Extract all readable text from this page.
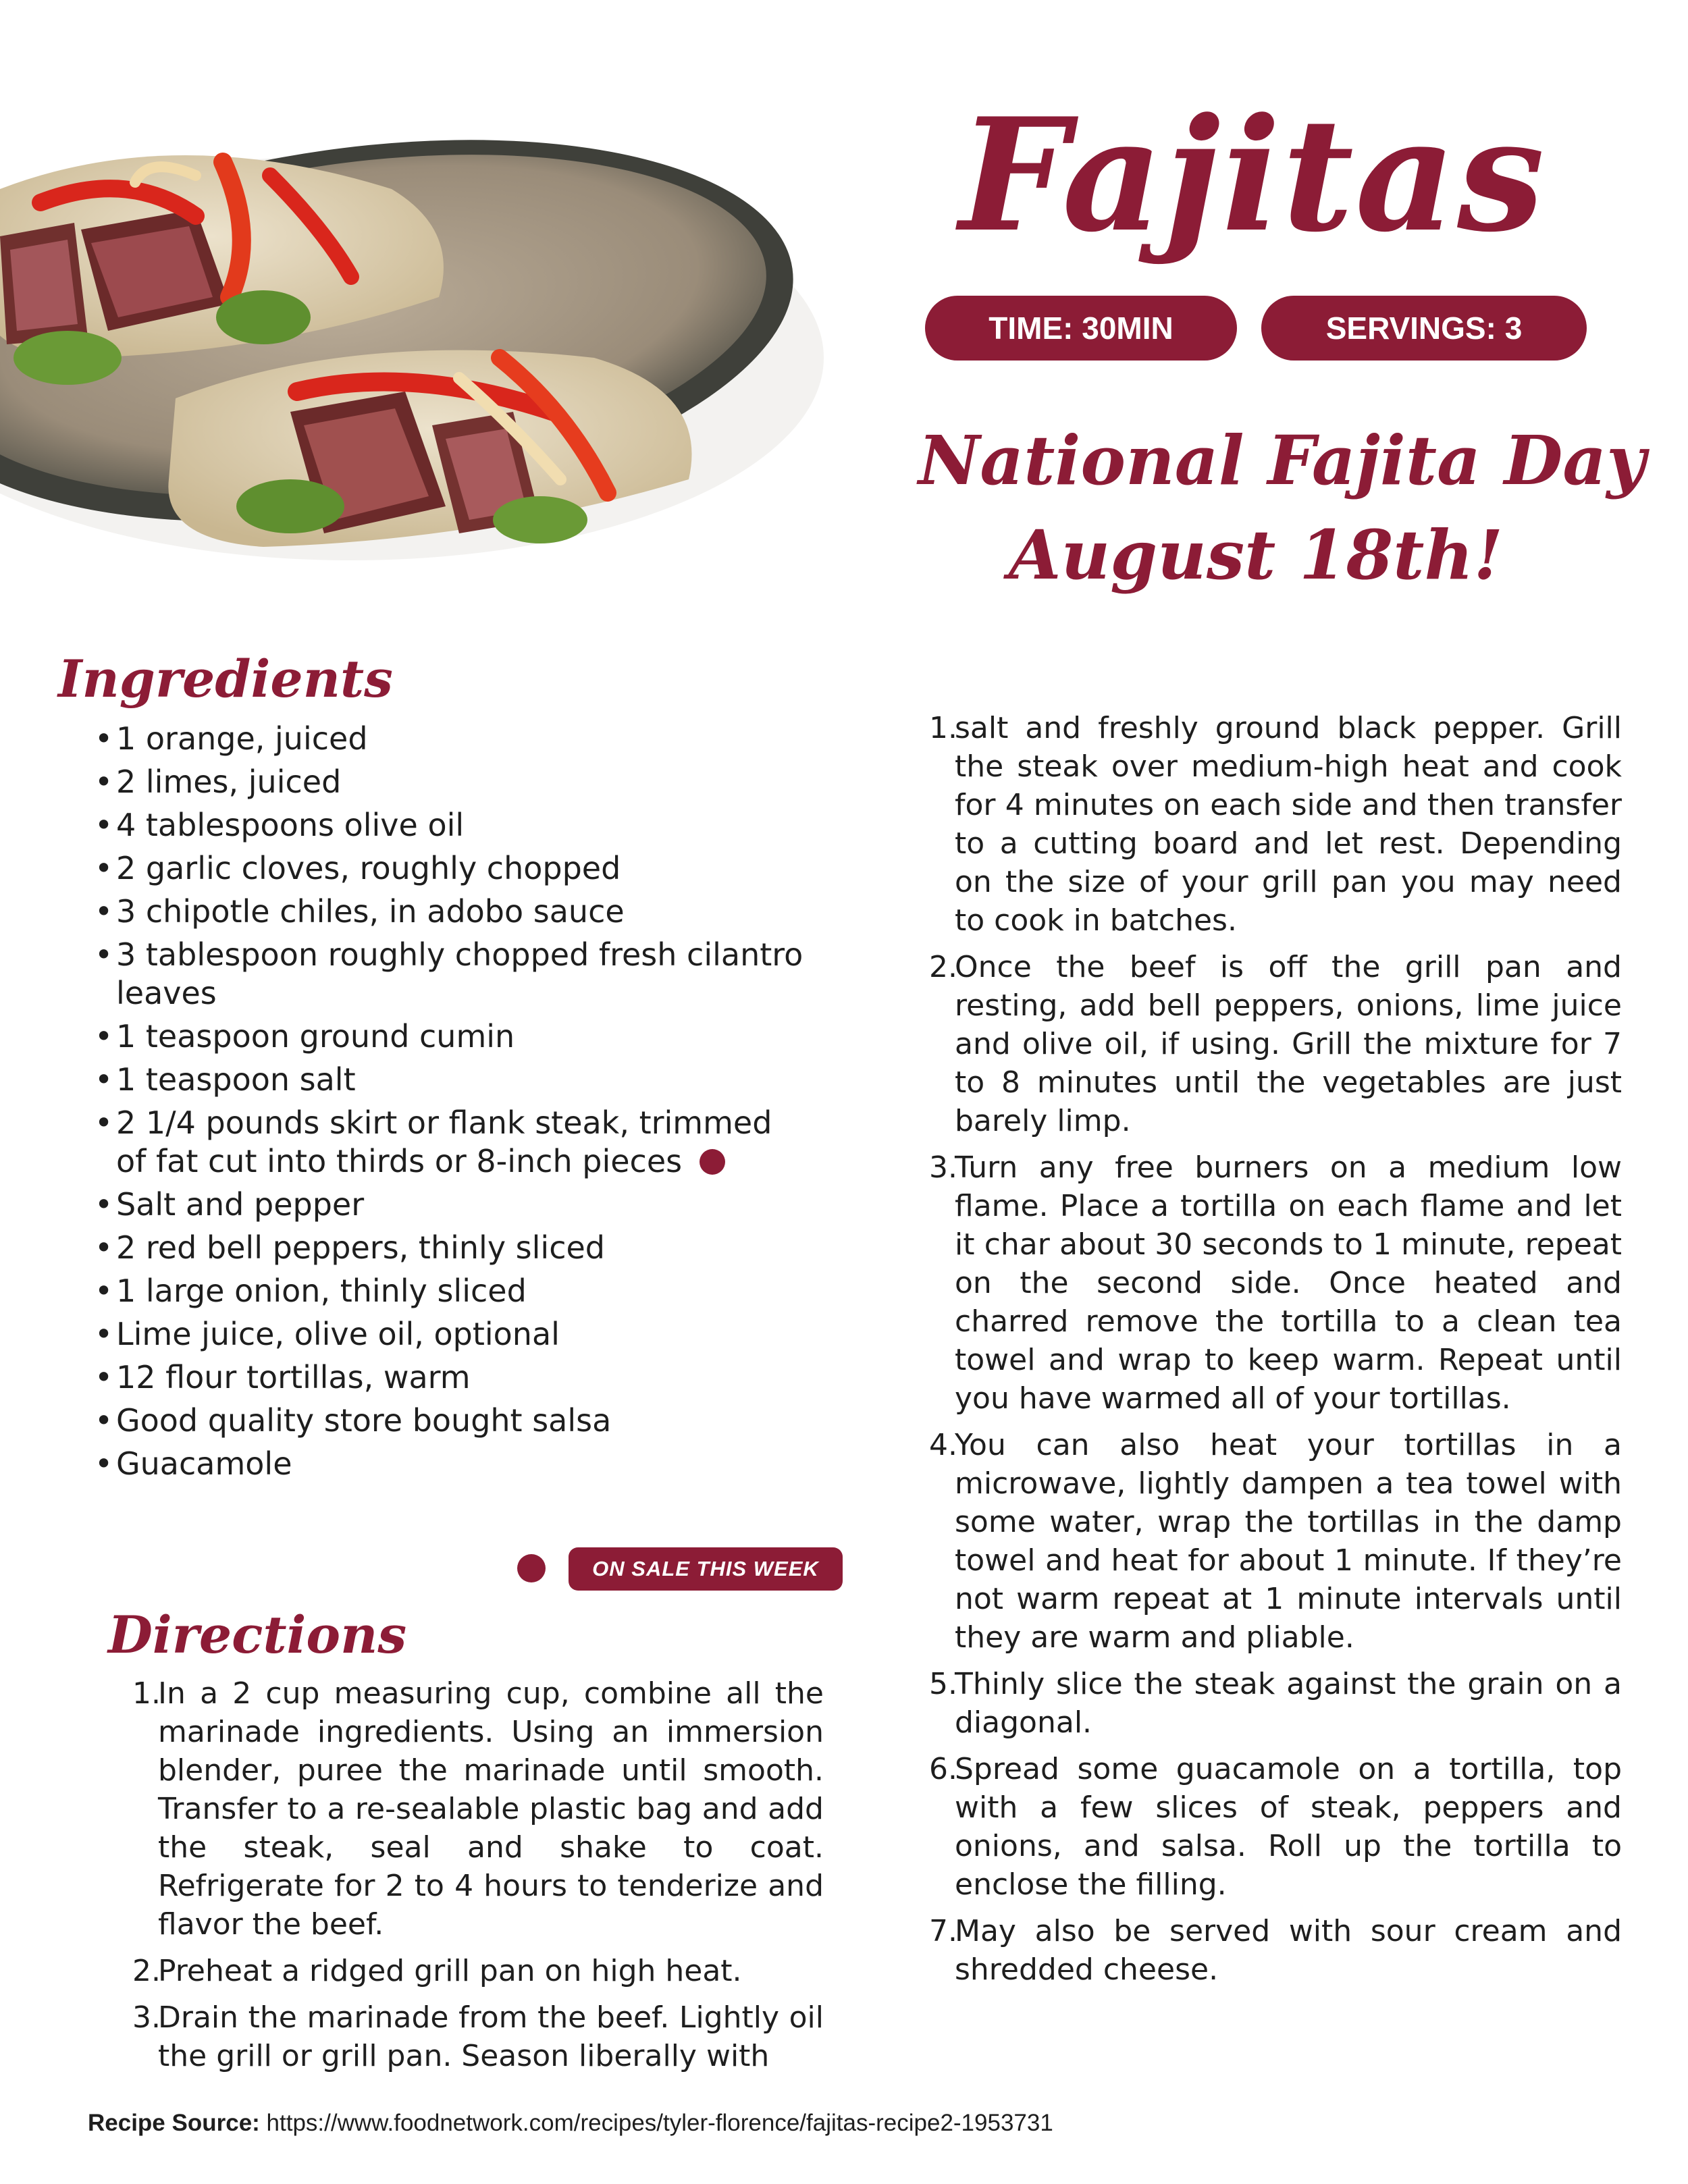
Fajitas
TIME: 30MIN	SERVINGS: 3
National Fajita Day
August 18th!
Ingredients
• 1 orange, juiced
• 2 limes, juiced
• 4 tablespoons olive oil
• 2 garlic cloves, roughly chopped
• 3 chipotle chiles, in adobo sauce
• 3 tablespoon roughly chopped fresh cilantro leaves
• 1 teaspoon ground cumin
• 1 teaspoon salt
• 2 1/4 pounds skirt or flank steak, trimmed of fat cut into thirds or 8-inch pieces
• Salt and pepper
• 2 red bell peppers, thinly sliced
• 1 large onion, thinly sliced
• Lime juice, olive oil, optional
• 12 flour tortillas, warm
• Good quality store bought salsa
• Guacamole
ON SALE THIS WEEK
Directions
1.
In a 2 cup measuring cup, combine all the marinade ingredients. Using an immersion blender, puree the marinade until smooth. Transfer to a re-sealable plastic bag and add the steak, seal and shake to coat. Refrigerate for 2 to 4 hours to tenderize and flavor the beef.
2.
Preheat a ridged grill pan on high heat.
3.
Drain the marinade from the beef. Lightly oil the grill or grill pan. Season liberally with
1.
salt and freshly ground black pepper. Grill the steak over medium-high heat and cook for 4 minutes on each side and then transfer to a cutting board and let rest. Depending on the size of your grill pan you may need to cook in batches.
2.
Once the beef is off the grill pan and resting, add bell peppers, onions, lime juice and olive oil, if using. Grill the mixture for 7 to 8 minutes until the vegetables are just barely limp.
3.
Turn any free burners on a medium low flame. Place a tortilla on each flame and let it char about 30 seconds to 1 minute, repeat on the second side. Once heated and charred remove the tortilla to a clean tea towel and wrap to keep warm. Repeat until you have warmed all of your tortillas.
4.
You can also heat your tortillas in a microwave, lightly dampen a tea towel with some water, wrap the tortillas in the damp towel and heat for about 1 minute. If they’re not warm repeat at 1 minute intervals until they are warm and pliable.
5.
Thinly slice the steak against the grain on a diagonal.
6.
Spread some guacamole on a tortilla, top with a few slices of steak, peppers and onions, and salsa. Roll up the tortilla to enclose the filling.
7.
May also be served with sour cream and shredded cheese.
Recipe Source: https://www.foodnetwork.com/recipes/tyler-florence/fajitas-recipe2-1953731
